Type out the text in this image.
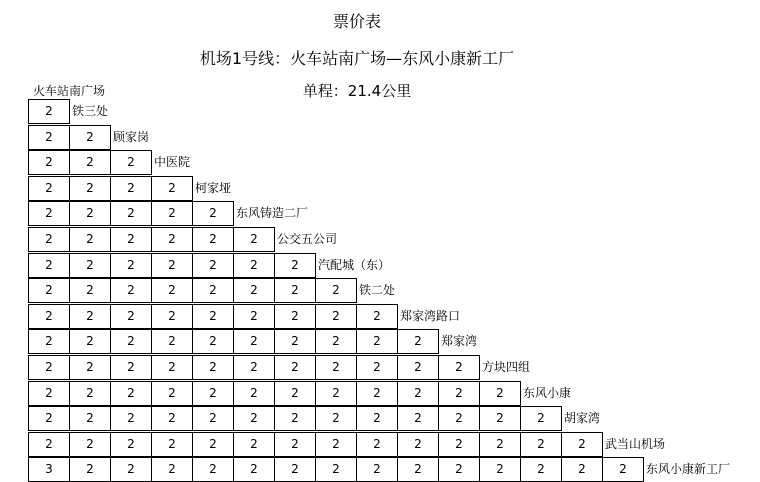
票价表
机场1号线：火车站南广场—东风小康新工厂
单程：21.4公里
火车站南广场
2	铁三处
2	2	顾家岗
2	2	2	中医院
2	2	2	2	柯家垭
2	2	2	2	2	东风铸造二厂
2	2	2	2	2	2	公交五公司
2	2	2	2	2	2	2	汽配城（东）
2	2	2	2	2	2	2	2	铁二处
2	2	2	2	2	2	2	2	2	郑家湾路口
2	2	2	2	2	2	2	2	2	2	郑家湾
2	2	2	2	2	2	2	2	2	2	2	方块四组
2	2	2	2	2	2	2	2	2	2	2	2	东风小康
2	2	2	2	2	2	2	2	2	2	2	2	2	胡家湾
2	2	2	2	2	2	2	2	2	2	2	2	2	2	武当山机场
3	2	2	2	2	2	2	2	2	2	2	2	2	2	2	东风小康新工厂
